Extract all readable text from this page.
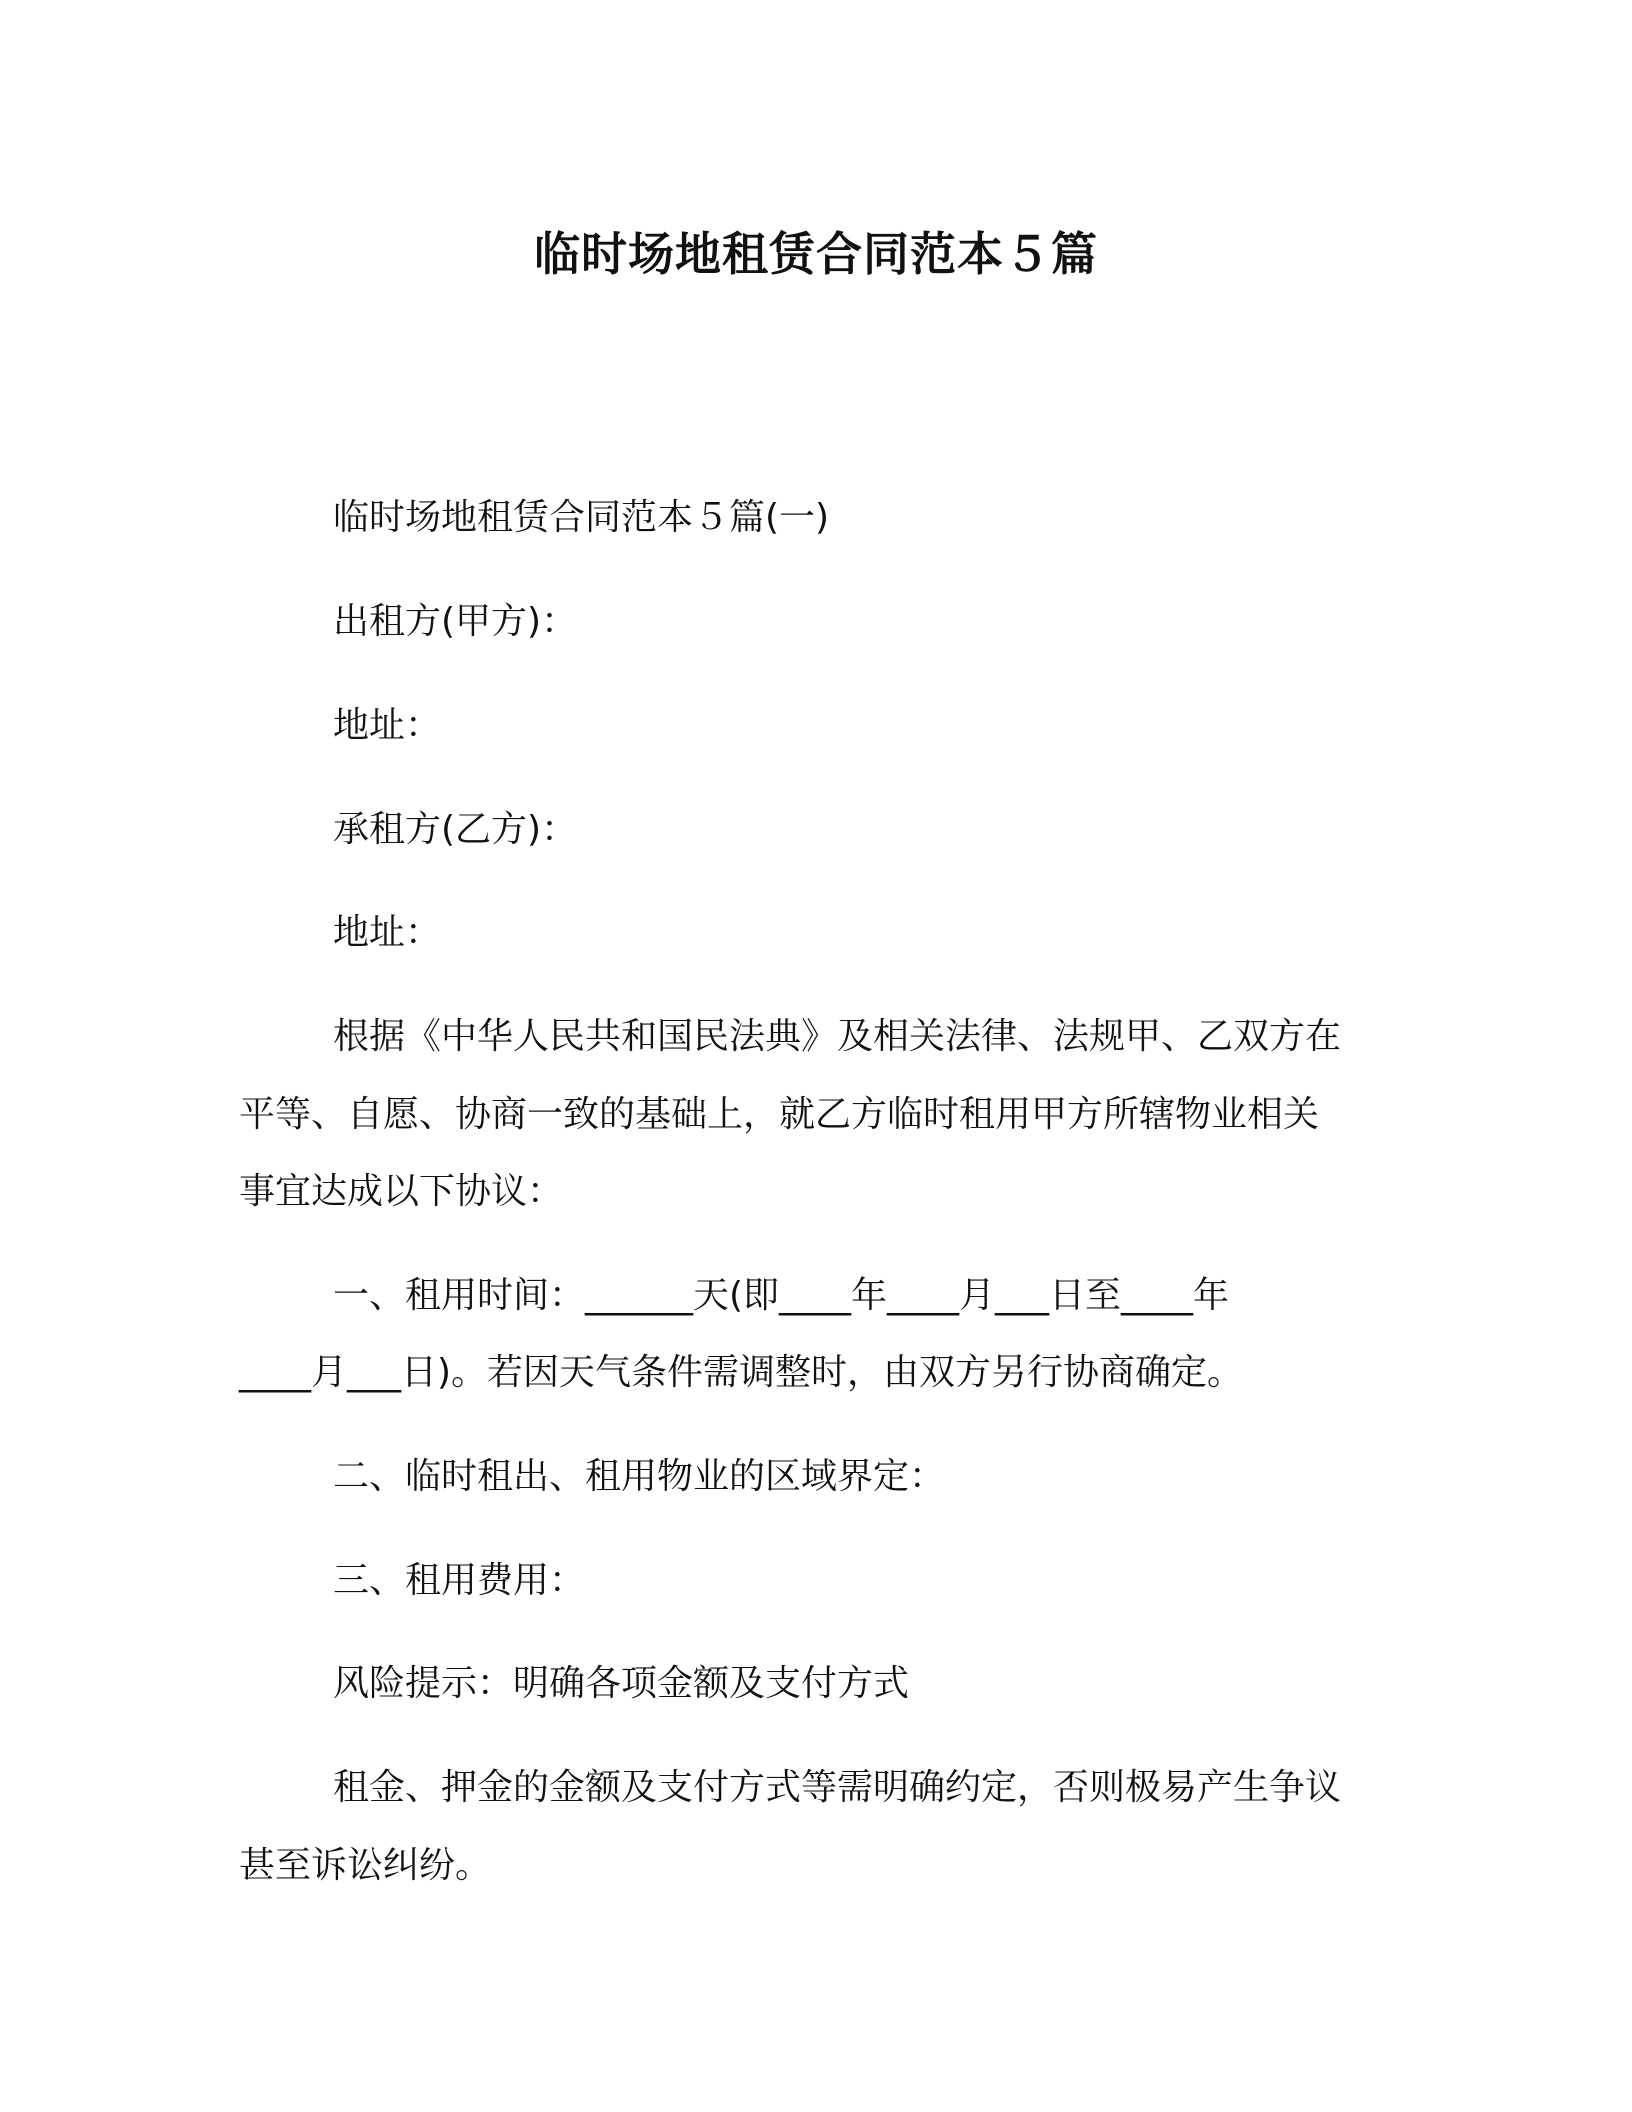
临时场地租赁合同范本５篇
临时场地租赁合同范本５篇(一)
出租方(甲方)：
地址：
承租方(乙方)：
地址：
根据《中华人民共和国民法典》及相关法律、法规甲、乙双方在
平等、自愿、协商一致的基础上，就乙方临时租用甲方所辖物业相关
事宜达成以下协议：
一、租用时间：______天(即____年____月___日至____年
____月___日)。若因天气条件需调整时，由双方另行协商确定。
二、临时租出、租用物业的区域界定：
三、租用费用：
风险提示：明确各项金额及支付方式
租金、押金的金额及支付方式等需明确约定，否则极易产生争议
甚至诉讼纠纷。
